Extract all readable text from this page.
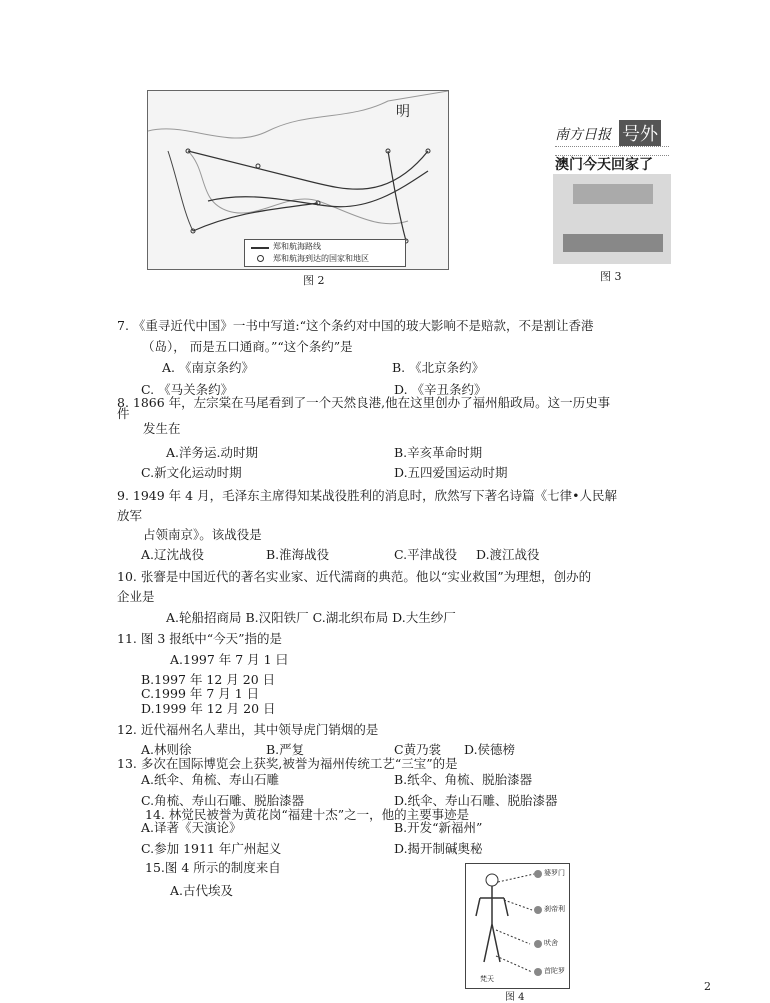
明
郑和航海路线
郑和航海到达的国家和地区
图 2
南方日报 号外
澳门今天回家了
图 3
7. 《重寻近代中国》一书中写道:“这个条约对中国的玻大影响不是赔款，不是割让香港
（岛）， 而是五口通商。”“这个条约”是
A. 《南京条约》	B. 《北京条约》
C. 《马关条约》	D. 《辛丑条约》
8. 1866 年，左宗棠在马尾看到了一个天然良港,他在这里创办了福州船政局。这一历史事
件
发生在
A.洋务运.动时期	B.辛亥革命时期
C.新文化运动时期	D.五四爱国运动时期
9. 1949 年 4 月，毛泽东主席得知某战役胜利的消息时，欣然写下著名诗篇《七律•人民解
放军
占领南京》。该战役是
A.辽沈战役	B.淮海战役	C.平津战役 D.渡江战役
10. 张謇是中国近代的著名实业家、近代濡商的典范。他以“实业救国”为理想，创办的
企业是
A.轮船招商局 B.汉阳铁厂 C.湖北织布局 D.大生纱厂
11. 图 3 报纸中“今天”指的是
A.1997 年 7 月 1 曰
B.1997 年 12 月 20 日
C.1999 年 7 月 1 日
D.1999 年 12 月 20 日
12. 近代福州名人辈出，其中领导虎门销烟的是
A.林则徐	B.严复	C黄乃裳 D.侯德榜
13. 多次在国际博览会上获奖,被誉为福州传统工艺“三宝”的是
A.纸伞、角梳、寿山石雕	B.纸伞、角梳、脱胎漆器
C.角梳、寿山石雕、脱胎漆器	D.纸伞、寿山石雕、脱胎漆器
14. 林觉民被誉为黄花岗“福建十杰”之一，他的主要事迹是
A.译著《天演论》	B.开发“新福州”
C.参加 1911 年广州起义	D.揭开制碱奥秘
15.图 4 所示的制度来自
A.古代埃及
婆罗门
刹帝利
吠舍
首陀罗
梵天
图 4
2
